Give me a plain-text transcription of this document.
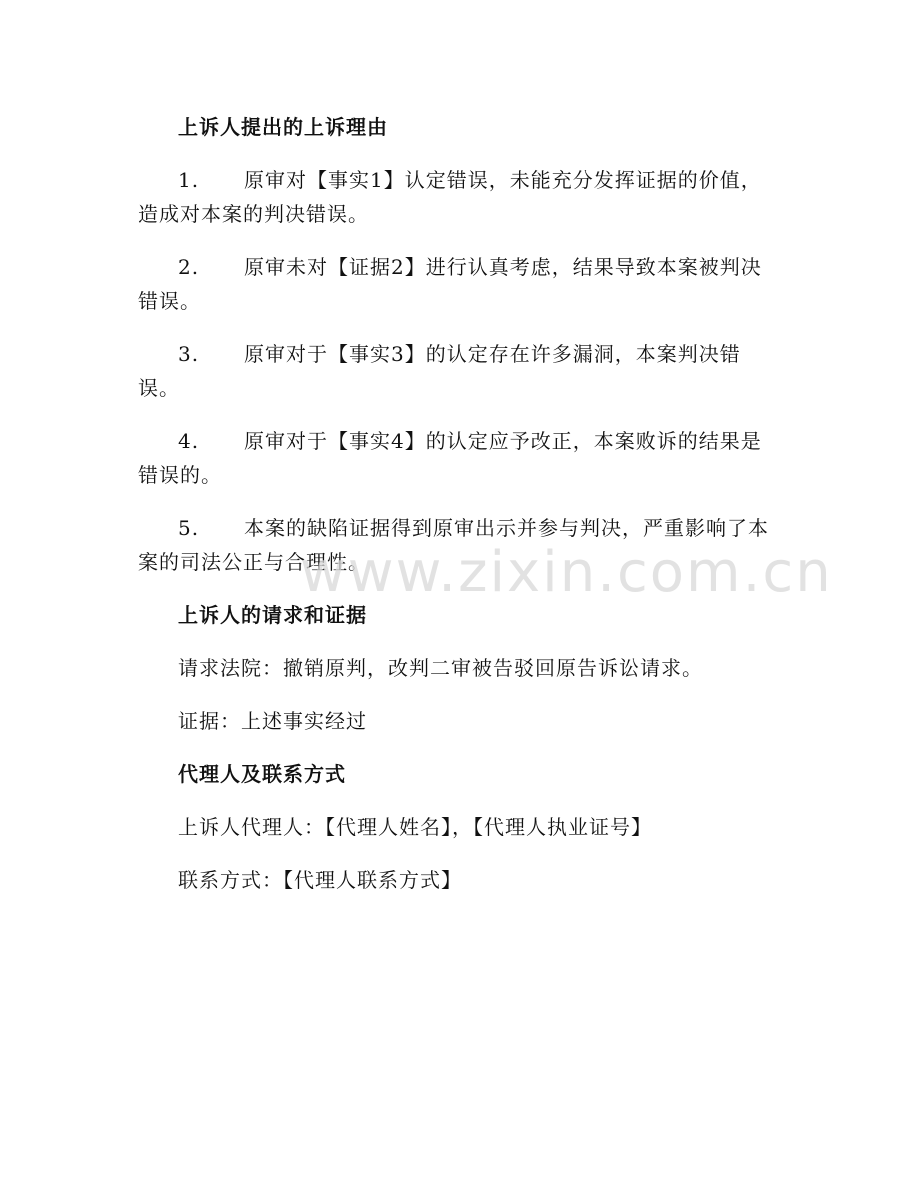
上诉人提出的上诉理由
1. 原审对【事实1】认定错误，未能充分发挥证据的价值，造成对本案的判决错误。
2. 原审未对【证据2】进行认真考虑，结果导致本案被判决错误。
3. 原审对于【事实3】的认定存在许多漏洞，本案判决错误。
4. 原审对于【事实4】的认定应予改正，本案败诉的结果是错误的。
5. 本案的缺陷证据得到原审出示并参与判决，严重影响了本案的司法公正与合理性。
上诉人的请求和证据
请求法院：撤销原判，改判二审被告驳回原告诉讼请求。
证据：上述事实经过
代理人及联系方式
上诉人代理人：【代理人姓名】，【代理人执业证号】
联系方式：【代理人联系方式】
www.zixin.com.cn
